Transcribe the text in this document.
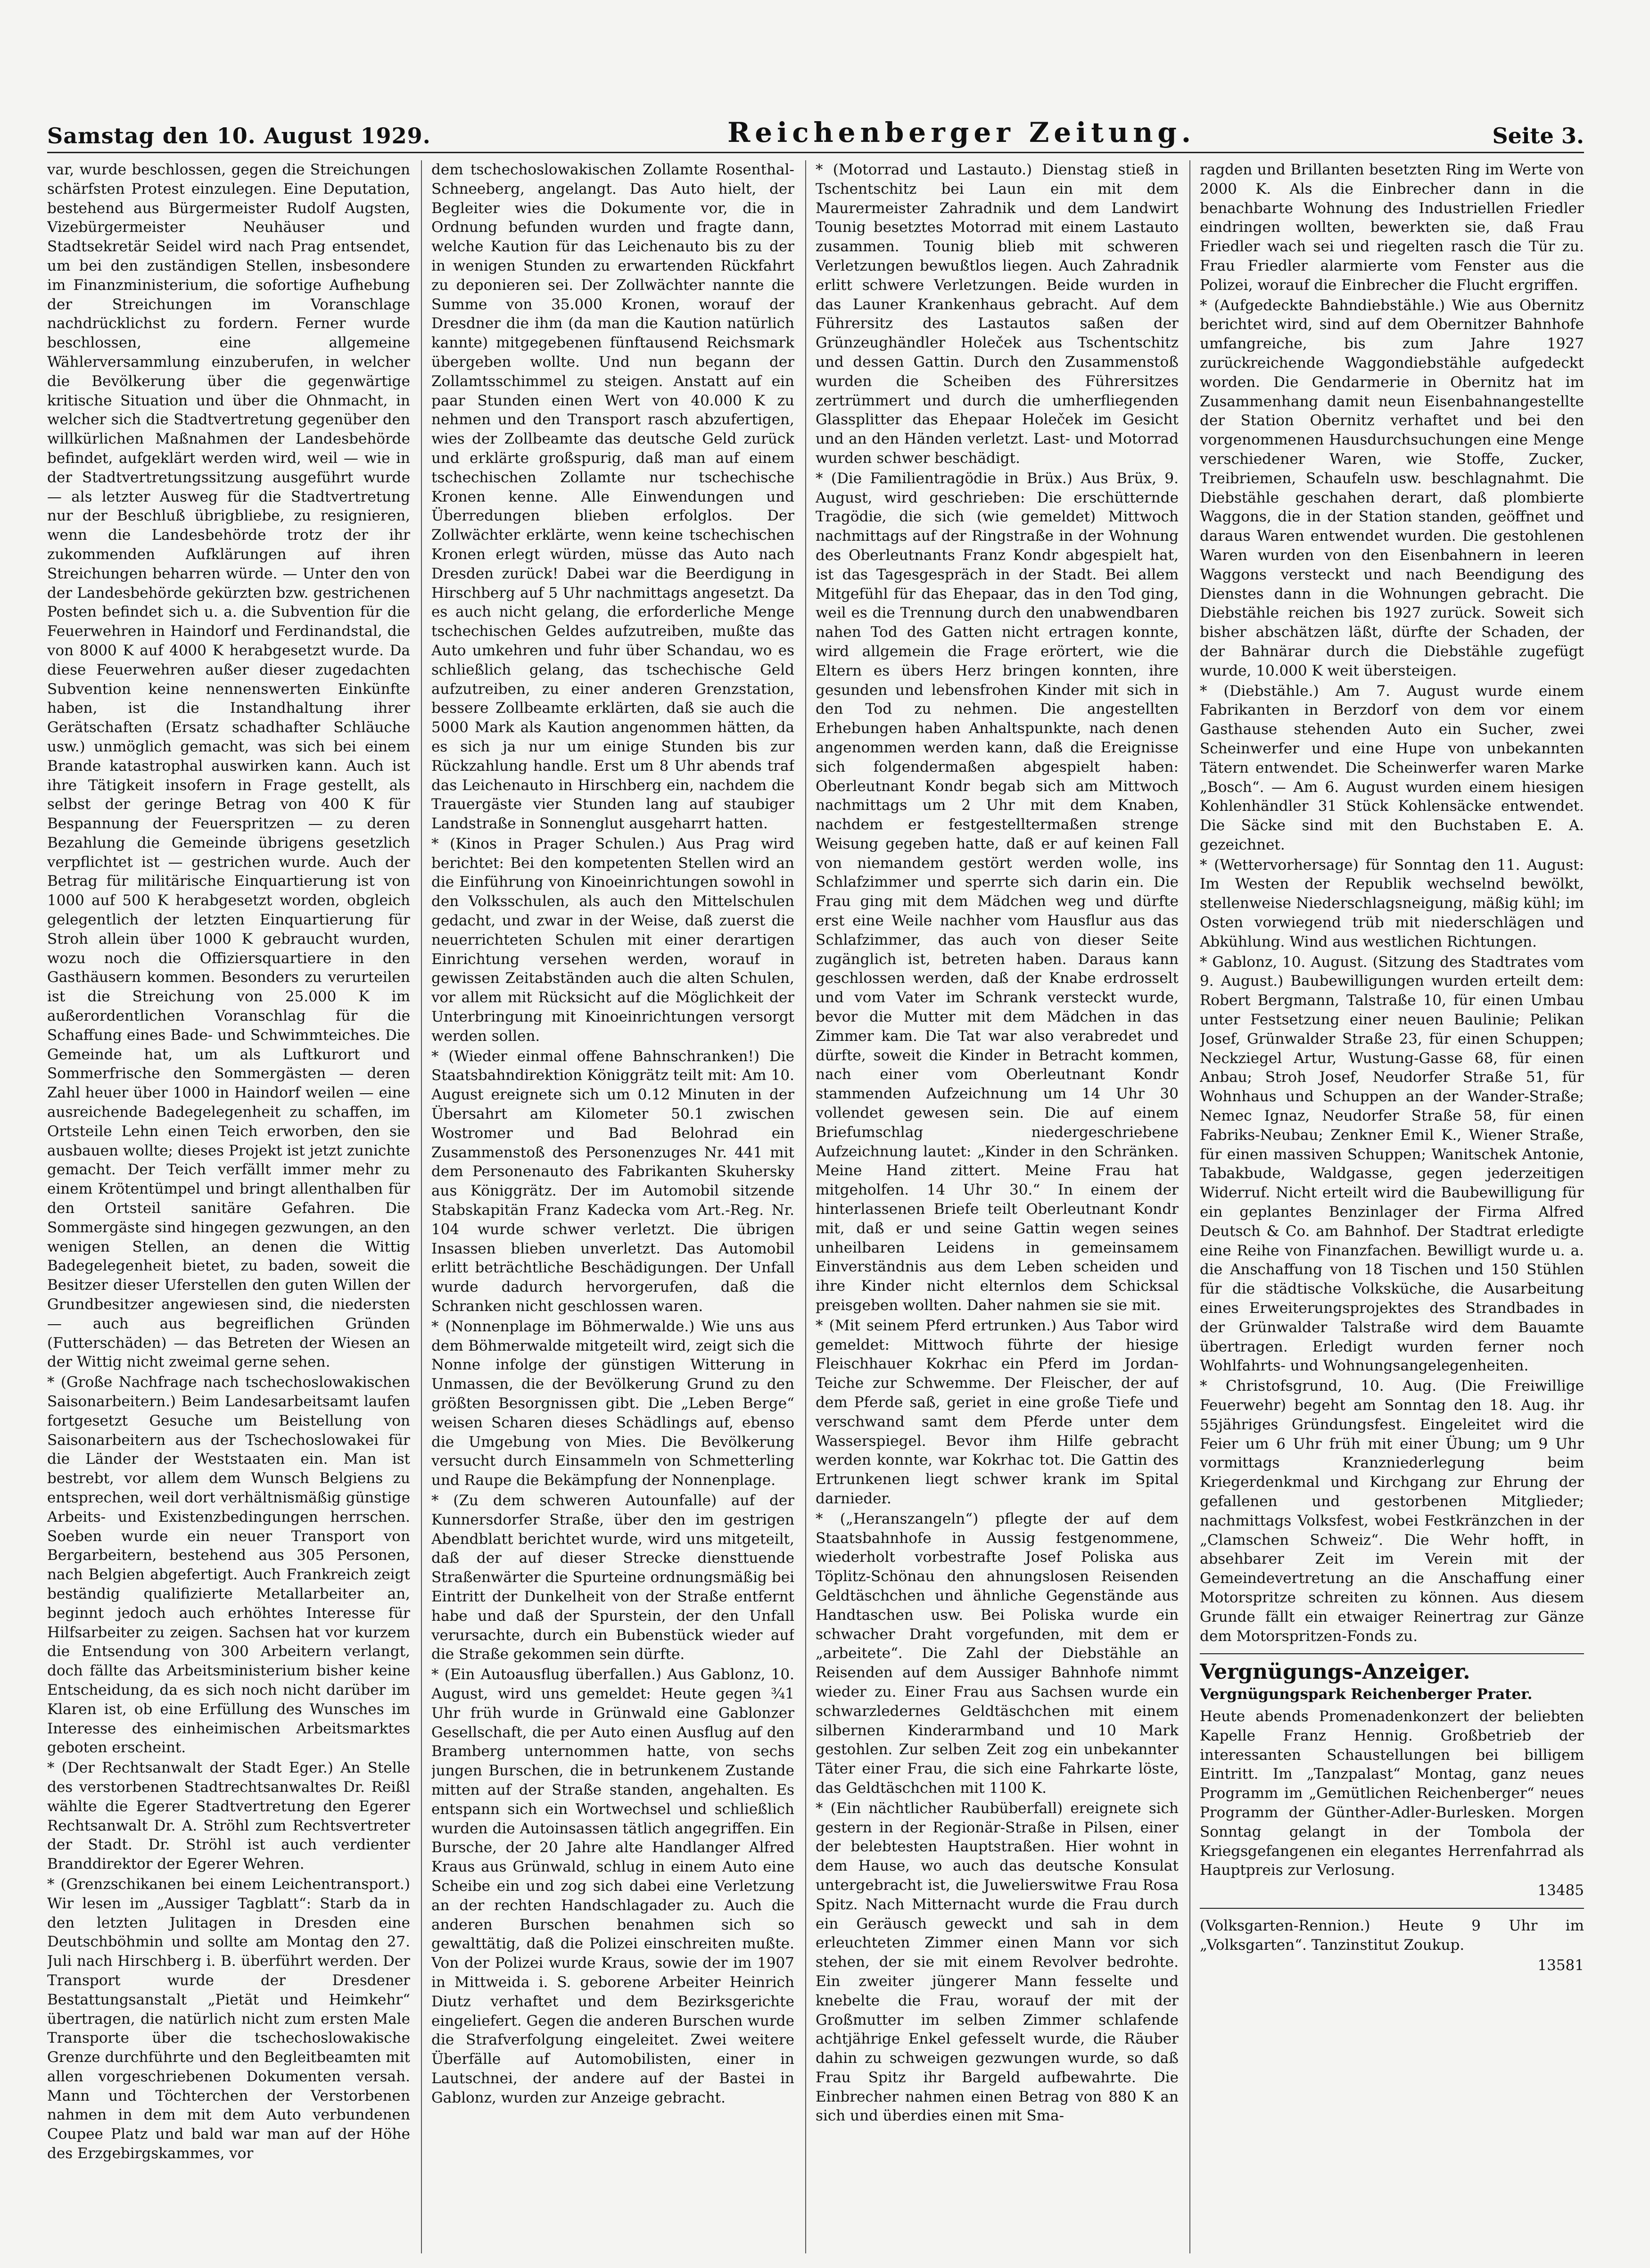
Samstag den 10. August 1929.	Reichenberger Zeitung.	Seite 3.

var, wurde beschlossen, gegen die Streichungen schärfsten Protest einzulegen. Eine Deputation, bestehend aus Bürgermeister Rudolf Augsten, Vizebürgermeister Neuhäuser und Stadtsekretär Seidel wird nach Prag entsendet, um bei den zuständigen Stellen, insbesondere im Finanzministerium, die sofortige Aufhebung der Streichungen im Voranschlage nachdrücklichst zu fordern. Ferner wurde beschlossen, eine allgemeine Wählerversammlung einzuberufen, in welcher die Bevölkerung über die gegenwärtige kritische Situation und über die Ohnmacht, in welcher sich die Stadtvertretung gegenüber den willkürlichen Maßnahmen der Landesbehörde befindet, aufgeklärt werden wird, weil — wie in der Stadtvertretungssitzung ausgeführt wurde — als letzter Ausweg für die Stadtvertretung nur der Beschluß übrigbliebe, zu resignieren, wenn die Landesbehörde trotz der ihr zukommenden Aufklärungen auf ihren Streichungen beharren würde. — Unter den von der Landesbehörde gekürzten bzw. gestrichenen Posten befindet sich u. a. die Subvention für die Feuerwehren in Haindorf und Ferdinandstal, die von 8000 K auf 4000 K herabgesetzt wurde. Da diese Feuerwehren außer dieser zugedachten Subvention keine nennenswerten Einkünfte haben, ist die Instandhaltung ihrer Gerätschaften (Ersatz schadhafter Schläuche usw.) unmöglich gemacht, was sich bei einem Brande katastrophal auswirken kann. Auch ist ihre Tätigkeit insofern in Frage gestellt, als selbst der geringe Betrag von 400 K für Bespannung der Feuerspritzen — zu deren Bezahlung die Gemeinde übrigens gesetzlich verpflichtet ist — gestrichen wurde. Auch der Betrag für militärische Einquartierung ist von 1000 auf 500 K herabgesetzt worden, obgleich gelegentlich der letzten Einquartierung für Stroh allein über 1000 K gebraucht wurden, wozu noch die Offiziersquartiere in den Gasthäusern kommen. Besonders zu verurteilen ist die Streichung von 25.000 K im außerordentlichen Voranschlag für die Schaffung eines Bade- und Schwimmteiches. Die Gemeinde hat, um als Luftkurort und Sommerfrische den Sommergästen — deren Zahl heuer über 1000 in Haindorf weilen — eine ausreichende Badegelegenheit zu schaffen, im Ortsteile Lehn einen Teich erworben, den sie ausbauen wollte; dieses Projekt ist jetzt zunichte gemacht. Der Teich verfällt immer mehr zu einem Krötentümpel und bringt allenthalben für den Ortsteil sanitäre Gefahren. Die Sommergäste sind hingegen gezwungen, an den wenigen Stellen, an denen die Wittig Badegelegenheit bietet, zu baden, soweit die Besitzer dieser Uferstellen den guten Willen der Grundbesitzer angewiesen sind, die niedersten — auch aus begreiflichen Gründen (Futterschäden) — das Betreten der Wiesen an der Wittig nicht zweimal gerne sehen.

* (Große Nachfrage nach tschechoslowakischen Saisonarbeitern.) Beim Landesarbeitsamt laufen fortgesetzt Gesuche um Beistellung von Saisonarbeitern aus der Tschechoslowakei für die Länder der Weststaaten ein. Man ist bestrebt, vor allem dem Wunsch Belgiens zu entsprechen, weil dort verhältnismäßig günstige Arbeits- und Existenzbedingungen herrschen. Soeben wurde ein neuer Transport von Bergarbeitern, bestehend aus 305 Personen, nach Belgien abgefertigt. Auch Frankreich zeigt beständig qualifizierte Metallarbeiter an, beginnt jedoch auch erhöhtes Interesse für Hilfsarbeiter zu zeigen. Sachsen hat vor kurzem die Entsendung von 300 Arbeitern verlangt, doch fällte das Arbeitsministerium bisher keine Entscheidung, da es sich noch nicht darüber im Klaren ist, ob eine Erfüllung des Wunsches im Interesse des einheimischen Arbeitsmarktes geboten erscheint.

* (Der Rechtsanwalt der Stadt Eger.) An Stelle des verstorbenen Stadtrechtsanwaltes Dr. Reißl wählte die Egerer Stadtvertretung den Egerer Rechtsanwalt Dr. A. Ströhl zum Rechtsvertreter der Stadt. Dr. Ströhl ist auch verdienter Branddirektor der Egerer Wehren.

* (Grenzschikanen bei einem Leichentransport.) Wir lesen im „Aussiger Tagblatt“: Starb da in den letzten Julitagen in Dresden eine Deutschböhmin und sollte am Montag den 27. Juli nach Hirschberg i. B. überführt werden. Der Transport wurde der Dresdener Bestattungsanstalt „Pietät und Heimkehr“ übertragen, die natürlich nicht zum ersten Male Transporte über die tschechoslowakische Grenze durchführte und den Begleitbeamten mit allen vorgeschriebenen Dokumenten versah. Mann und Töchterchen der Verstorbenen nahmen in dem mit dem Auto verbundenen Coupee Platz und bald war man auf der Höhe des Erzgebirgskammes, vor

dem tschechoslowakischen Zollamte Rosenthal-Schneeberg, angelangt. Das Auto hielt, der Begleiter wies die Dokumente vor, die in Ordnung befunden wurden und fragte dann, welche Kaution für das Leichenauto bis zu der in wenigen Stunden zu erwartenden Rückfahrt zu deponieren sei. Der Zollwächter nannte die Summe von 35.000 Kronen, worauf der Dresdner die ihm (da man die Kaution natürlich kannte) mitgegebenen fünftausend Reichsmark übergeben wollte. Und nun begann der Zollamtsschimmel zu steigen. Anstatt auf ein paar Stunden einen Wert von 40.000 K zu nehmen und den Transport rasch abzufertigen, wies der Zollbeamte das deutsche Geld zurück und erklärte großspurig, daß man auf einem tschechischen Zollamte nur tschechische Kronen kenne. Alle Einwendungen und Überredungen blieben erfolglos. Der Zollwächter erklärte, wenn keine tschechischen Kronen erlegt würden, müsse das Auto nach Dresden zurück! Dabei war die Beerdigung in Hirschberg auf 5 Uhr nachmittags angesetzt. Da es auch nicht gelang, die erforderliche Menge tschechischen Geldes aufzutreiben, mußte das Auto umkehren und fuhr über Schandau, wo es schließlich gelang, das tschechische Geld aufzutreiben, zu einer anderen Grenzstation, bessere Zollbeamte erklärten, daß sie auch die 5000 Mark als Kaution angenommen hätten, da es sich ja nur um einige Stunden bis zur Rückzahlung handle. Erst um 8 Uhr abends traf das Leichenauto in Hirschberg ein, nachdem die Trauergäste vier Stunden lang auf staubiger Landstraße in Sonnenglut ausgeharrt hatten.

* (Kinos in Prager Schulen.) Aus Prag wird berichtet: Bei den kompetenten Stellen wird an die Einführung von Kinoeinrichtungen sowohl in den Volksschulen, als auch den Mittelschulen gedacht, und zwar in der Weise, daß zuerst die neuerrichteten Schulen mit einer derartigen Einrichtung versehen werden, worauf in gewissen Zeitabständen auch die alten Schulen, vor allem mit Rücksicht auf die Möglichkeit der Unterbringung mit Kinoeinrichtungen versorgt werden sollen.

* (Wieder einmal offene Bahnschranken!) Die Staatsbahndirektion Königgrätz teilt mit: Am 10. August ereignete sich um 0.12 Minuten in der Übersahrt am Kilometer 50.1 zwischen Wostromer und Bad Belohrad ein Zusammenstoß des Personenzuges Nr. 441 mit dem Personenauto des Fabrikanten Skuhersky aus Königgrätz. Der im Automobil sitzende Stabskapitän Franz Kadecka vom Art.-Reg. Nr. 104 wurde schwer verletzt. Die übrigen Insassen blieben unverletzt. Das Automobil erlitt beträchtliche Beschädigungen. Der Unfall wurde dadurch hervorgerufen, daß die Schranken nicht geschlossen waren.

* (Nonnenplage im Böhmerwalde.) Wie uns aus dem Böhmerwalde mitgeteilt wird, zeigt sich die Nonne infolge der günstigen Witterung in Unmassen, die der Bevölkerung Grund zu den größten Besorgnissen gibt. Die „Leben Berge“ weisen Scharen dieses Schädlings auf, ebenso die Umgebung von Mies. Die Bevölkerung versucht durch Einsammeln von Schmetterling und Raupe die Bekämpfung der Nonnenplage.

* (Zu dem schweren Autounfalle) auf der Kunnersdorfer Straße, über den im gestrigen Abendblatt berichtet wurde, wird uns mitgeteilt, daß der auf dieser Strecke diensttuende Straßenwärter die Spurteine ordnungsmäßig bei Eintritt der Dunkelheit von der Straße entfernt habe und daß der Spurstein, der den Unfall verursachte, durch ein Bubenstück wieder auf die Straße gekommen sein dürfte.

* (Ein Autoausflug überfallen.) Aus Gablonz, 10. August, wird uns gemeldet: Heute gegen ¾1 Uhr früh wurde in Grünwald eine Gablonzer Gesellschaft, die per Auto einen Ausflug auf den Bramberg unternommen hatte, von sechs jungen Burschen, die in betrunkenem Zustande mitten auf der Straße standen, angehalten. Es entspann sich ein Wortwechsel und schließlich wurden die Autoinsassen tätlich angegriffen. Ein Bursche, der 20 Jahre alte Handlanger Alfred Kraus aus Grünwald, schlug in einem Auto eine Scheibe ein und zog sich dabei eine Verletzung an der rechten Handschlagader zu. Auch die anderen Burschen benahmen sich so gewalttätig, daß die Polizei einschreiten mußte. Von der Polizei wurde Kraus, sowie der im 1907 in Mittweida i. S. geborene Arbeiter Heinrich Diutz verhaftet und dem Bezirksgerichte eingeliefert. Gegen die anderen Burschen wurde die Strafverfolgung eingeleitet. Zwei weitere Überfälle auf Automobilisten, einer in Lautschnei, der andere auf der Bastei in Gablonz, wurden zur Anzeige gebracht.

* (Motorrad und Lastauto.) Dienstag stieß in Tschentschitz bei Laun ein mit dem Maurermeister Zahradnik und dem Landwirt Tounig besetztes Motorrad mit einem Lastauto zusammen. Tounig blieb mit schweren Verletzungen bewußtlos liegen. Auch Zahradnik erlitt schwere Verletzungen. Beide wurden in das Launer Krankenhaus gebracht. Auf dem Führersitz des Lastautos saßen der Grünzeughändler Holeček aus Tschentschitz und dessen Gattin. Durch den Zusammenstoß wurden die Scheiben des Führersitzes zertrümmert und durch die umherfliegenden Glassplitter das Ehepaar Holeček im Gesicht und an den Händen verletzt. Last- und Motorrad wurden schwer beschädigt.

* (Die Familientragödie in Brüx.) Aus Brüx, 9. August, wird geschrieben: Die erschütternde Tragödie, die sich (wie gemeldet) Mittwoch nachmittags auf der Ringstraße in der Wohnung des Oberleutnants Franz Kondr abgespielt hat, ist das Tagesgespräch in der Stadt. Bei allem Mitgefühl für das Ehepaar, das in den Tod ging, weil es die Trennung durch den unabwendbaren nahen Tod des Gatten nicht ertragen konnte, wird allgemein die Frage erörtert, wie die Eltern es übers Herz bringen konnten, ihre gesunden und lebensfrohen Kinder mit sich in den Tod zu nehmen. Die angestellten Erhebungen haben Anhaltspunkte, nach denen angenommen werden kann, daß die Ereignisse sich folgendermaßen abgespielt haben: Oberleutnant Kondr begab sich am Mittwoch nachmittags um 2 Uhr mit dem Knaben, nachdem er festgestelltermaßen strenge Weisung gegeben hatte, daß er auf keinen Fall von niemandem gestört werden wolle, ins Schlafzimmer und sperrte sich darin ein. Die Frau ging mit dem Mädchen weg und dürfte erst eine Weile nachher vom Hausflur aus das Schlafzimmer, das auch von dieser Seite zugänglich ist, betreten haben. Daraus kann geschlossen werden, daß der Knabe erdrosselt und vom Vater im Schrank versteckt wurde, bevor die Mutter mit dem Mädchen in das Zimmer kam. Die Tat war also verabredet und dürfte, soweit die Kinder in Betracht kommen, nach einer vom Oberleutnant Kondr stammenden Aufzeichnung um 14 Uhr 30 vollendet gewesen sein. Die auf einem Briefumschlag niedergeschriebene Aufzeichnung lautet: „Kinder in den Schränken. Meine Hand zittert. Meine Frau hat mitgeholfen. 14 Uhr 30.“ In einem der hinterlassenen Briefe teilt Oberleutnant Kondr mit, daß er und seine Gattin wegen seines unheilbaren Leidens in gemeinsamem Einverständnis aus dem Leben scheiden und ihre Kinder nicht elternlos dem Schicksal preisgeben wollten. Daher nahmen sie sie mit.

* (Mit seinem Pferd ertrunken.) Aus Tabor wird gemeldet: Mittwoch führte der hiesige Fleischhauer Kokrhac ein Pferd im Jordan-Teiche zur Schwemme. Der Fleischer, der auf dem Pferde saß, geriet in eine große Tiefe und verschwand samt dem Pferde unter dem Wasserspiegel. Bevor ihm Hilfe gebracht werden konnte, war Kokrhac tot. Die Gattin des Ertrunkenen liegt schwer krank im Spital darnieder.

* („Heranszangeln“) pflegte der auf dem Staatsbahnhofe in Aussig festgenommene, wiederholt vorbestrafte Josef Poliska aus Töplitz-Schönau den ahnungslosen Reisenden Geldtäschchen und ähnliche Gegenstände aus Handtaschen usw. Bei Poliska wurde ein schwacher Draht vorgefunden, mit dem er „arbeitete“. Die Zahl der Diebstähle an Reisenden auf dem Aussiger Bahnhofe nimmt wieder zu. Einer Frau aus Sachsen wurde ein schwarzledernes Geldtäschchen mit einem silbernen Kinderarmband und 10 Mark gestohlen. Zur selben Zeit zog ein unbekannter Täter einer Frau, die sich eine Fahrkarte löste, das Geldtäschchen mit 1100 K.

* (Ein nächtlicher Raubüberfall) ereignete sich gestern in der Regionär-Straße in Pilsen, einer der belebtesten Hauptstraßen. Hier wohnt in dem Hause, wo auch das deutsche Konsulat untergebracht ist, die Juwelierswitwe Frau Rosa Spitz. Nach Mitternacht wurde die Frau durch ein Geräusch geweckt und sah in dem erleuchteten Zimmer einen Mann vor sich stehen, der sie mit einem Revolver bedrohte. Ein zweiter jüngerer Mann fesselte und knebelte die Frau, worauf der mit der Großmutter im selben Zimmer schlafende achtjährige Enkel gefesselt wurde, die Räuber dahin zu schweigen gezwungen wurde, so daß Frau Spitz ihr Bargeld aufbewahrte. Die Einbrecher nahmen einen Betrag von 880 K an sich und überdies einen mit Sma-

ragden und Brillanten besetzten Ring im Werte von 2000 K. Als die Einbrecher dann in die benachbarte Wohnung des Industriellen Friedler eindringen wollten, bewerkten sie, daß Frau Friedler wach sei und riegelten rasch die Tür zu. Frau Friedler alarmierte vom Fenster aus die Polizei, worauf die Einbrecher die Flucht ergriffen.

* (Aufgedeckte Bahndiebstähle.) Wie aus Obernitz berichtet wird, sind auf dem Obernitzer Bahnhofe umfangreiche, bis zum Jahre 1927 zurückreichende Waggondiebstähle aufgedeckt worden. Die Gendarmerie in Obernitz hat im Zusammenhang damit neun Eisenbahnangestellte der Station Obernitz verhaftet und bei den vorgenommenen Hausdurchsuchungen eine Menge verschiedener Waren, wie Stoffe, Zucker, Treibriemen, Schaufeln usw. beschlagnahmt. Die Diebstähle geschahen derart, daß plombierte Waggons, die in der Station standen, geöffnet und daraus Waren entwendet wurden. Die gestohlenen Waren wurden von den Eisenbahnern in leeren Waggons versteckt und nach Beendigung des Dienstes dann in die Wohnungen gebracht. Die Diebstähle reichen bis 1927 zurück. Soweit sich bisher abschätzen läßt, dürfte der Schaden, der der Bahnärar durch die Diebstähle zugefügt wurde, 10.000 K weit übersteigen.

* (Diebstähle.) Am 7. August wurde einem Fabrikanten in Berzdorf von dem vor einem Gasthause stehenden Auto ein Sucher, zwei Scheinwerfer und eine Hupe von unbekannten Tätern entwendet. Die Scheinwerfer waren Marke „Bosch“. — Am 6. August wurden einem hiesigen Kohlenhändler 31 Stück Kohlensäcke entwendet. Die Säcke sind mit den Buchstaben E. A. gezeichnet.

* (Wettervorhersage) für Sonntag den 11. August: Im Westen der Republik wechselnd bewölkt, stellenweise Niederschlagsneigung, mäßig kühl; im Osten vorwiegend trüb mit niederschlägen und Abkühlung. Wind aus westlichen Richtungen.

* Gablonz, 10. August. (Sitzung des Stadtrates vom 9. August.) Baubewilligungen wurden erteilt dem: Robert Bergmann, Talstraße 10, für einen Umbau unter Festsetzung einer neuen Baulinie; Pelikan Josef, Grünwalder Straße 23, für einen Schuppen; Neckziegel Artur, Wustung-Gasse 68, für einen Anbau; Stroh Josef, Neudorfer Straße 51, für Wohnhaus und Schuppen an der Wander-Straße; Nemec Ignaz, Neudorfer Straße 58, für einen Fabriks-Neubau; Zenkner Emil K., Wiener Straße, für einen massiven Schuppen; Wanitschek Antonie, Tabakbude, Waldgasse, gegen jederzeitigen Widerruf. Nicht erteilt wird die Baubewilligung für ein geplantes Benzinlager der Firma Alfred Deutsch & Co. am Bahnhof. Der Stadtrat erledigte eine Reihe von Finanzfachen. Bewilligt wurde u. a. die Anschaffung von 18 Tischen und 150 Stühlen für die städtische Volksküche, die Ausarbeitung eines Erweiterungsprojektes des Strandbades in der Grünwalder Talstraße wird dem Bauamte übertragen. Erledigt wurden ferner noch Wohlfahrts- und Wohnungsangelegenheiten.

* Christofsgrund, 10. Aug. (Die Freiwillige Feuerwehr) begeht am Sonntag den 18. Aug. ihr 55jähriges Gründungsfest. Eingeleitet wird die Feier um 6 Uhr früh mit einer Übung; um 9 Uhr vormittags Kranzniederlegung beim Kriegerdenkmal und Kirchgang zur Ehrung der gefallenen und gestorbenen Mitglieder; nachmittags Volksfest, wobei Festkränzchen in der „Clamschen Schweiz“. Die Wehr hofft, in absehbarer Zeit im Verein mit der Gemeindevertretung an die Anschaffung einer Motorspritze schreiten zu können. Aus diesem Grunde fällt ein etwaiger Reinertrag zur Gänze dem Motorspritzen-Fonds zu.

Vergnügungs-Anzeiger.
Vergnügungspark Reichenberger Prater.

Heute abends Promenadenkonzert der beliebten Kapelle Franz Hennig. Großbetrieb der interessanten Schaustellungen bei billigem Eintritt. Im „Tanzpalast“ Montag, ganz neues Programm im „Gemütlichen Reichenberger“ neues Programm der Günther-Adler-Burlesken. Morgen Sonntag gelangt in der Tombola der Kriegsgefangenen ein elegantes Herrenfahrrad als Hauptpreis zur Verlosung.

13485

(Volksgarten-Rennion.) Heute 9 Uhr im „Volksgarten“. Tanzinstitut Zoukup.

13581
